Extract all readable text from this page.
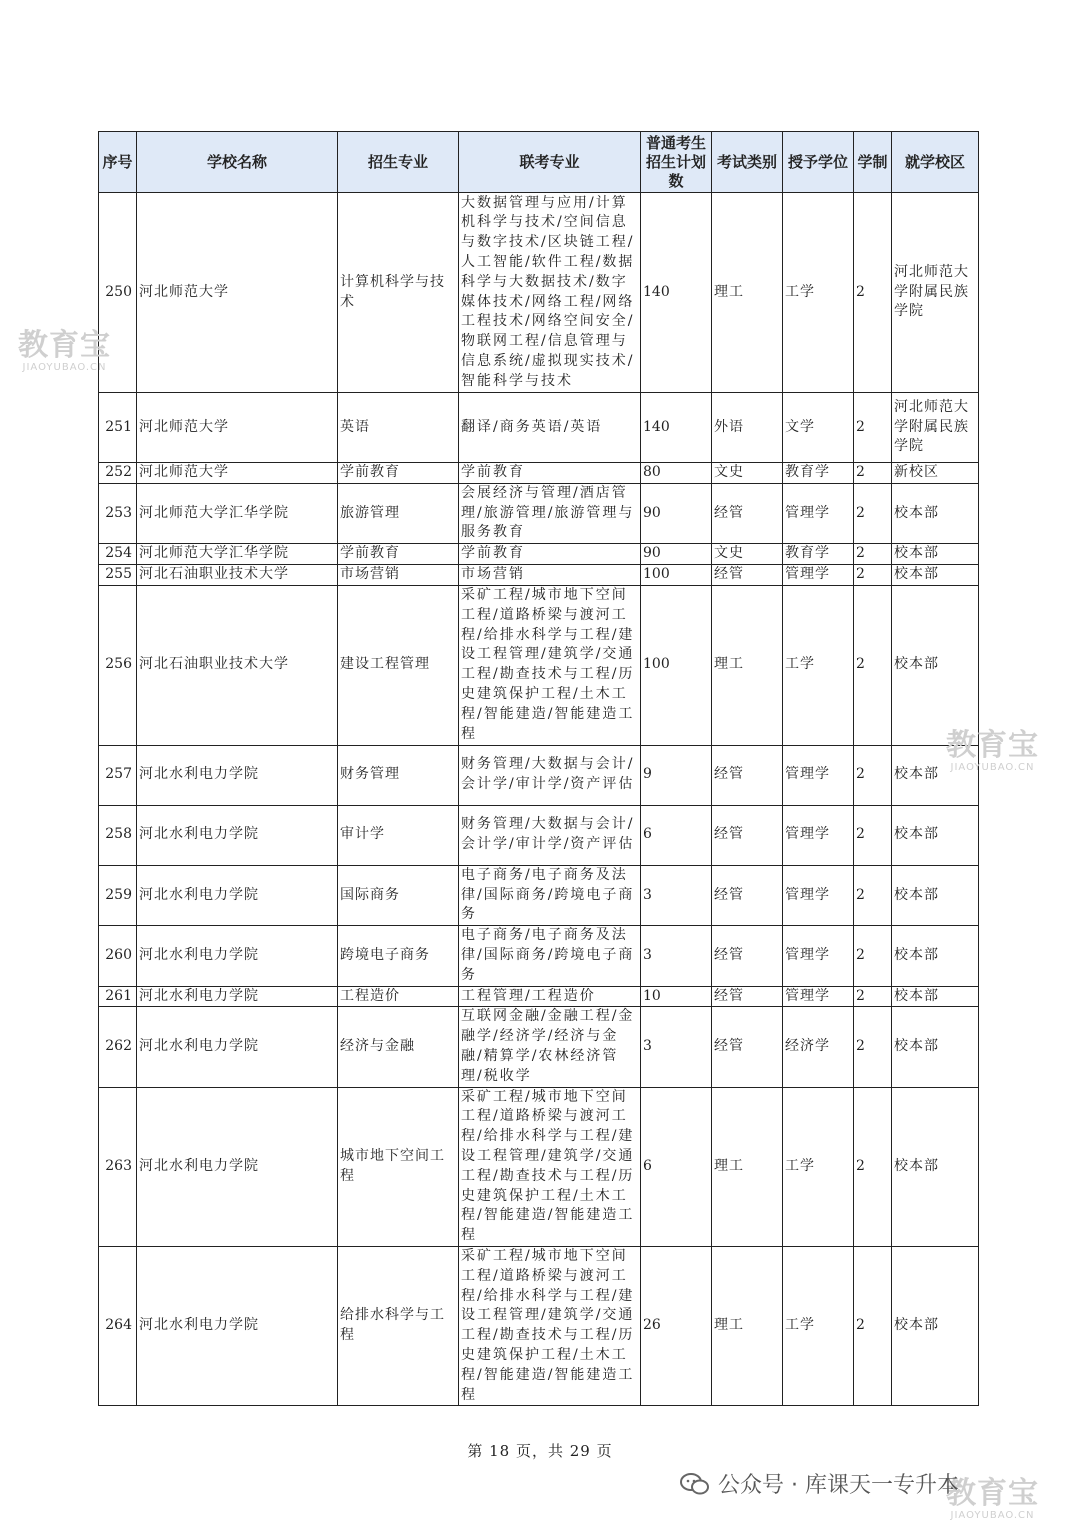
序号	学校名称	招生专业	联考专业	普通考生招生计划数	考试类别	授予学位	学制	就学校区
250	河北师范大学	计算机科学与技术	大数据管理与应用/计算机科学与技术/空间信息与数字技术/区块链工程/人工智能/软件工程/数据科学与大数据技术/数字媒体技术/网络工程/网络工程技术/网络空间安全/物联网工程/信息管理与信息系统/虚拟现实技术/智能科学与技术	140	理工	工学	2	河北师范大学附属民族学院
251	河北师范大学	英语	翻译/商务英语/英语	140	外语	文学	2	河北师范大学附属民族学院
252	河北师范大学	学前教育	学前教育	80	文史	教育学	2	新校区
253	河北师范大学汇华学院	旅游管理	会展经济与管理/酒店管理/旅游管理/旅游管理与服务教育	90	经管	管理学	2	校本部
254	河北师范大学汇华学院	学前教育	学前教育	90	文史	教育学	2	校本部
255	河北石油职业技术大学	市场营销	市场营销	100	经管	管理学	2	校本部
256	河北石油职业技术大学	建设工程管理	采矿工程/城市地下空间工程/道路桥梁与渡河工程/给排水科学与工程/建设工程管理/建筑学/交通工程/勘查技术与工程/历史建筑保护工程/土木工程/智能建造/智能建造工程	100	理工	工学	2	校本部
257	河北水利电力学院	财务管理	财务管理/大数据与会计/会计学/审计学/资产评估	9	经管	管理学	2	校本部
258	河北水利电力学院	审计学	财务管理/大数据与会计/会计学/审计学/资产评估	6	经管	管理学	2	校本部
259	河北水利电力学院	国际商务	电子商务/电子商务及法律/国际商务/跨境电子商务	3	经管	管理学	2	校本部
260	河北水利电力学院	跨境电子商务	电子商务/电子商务及法律/国际商务/跨境电子商务	3	经管	管理学	2	校本部
261	河北水利电力学院	工程造价	工程管理/工程造价	10	经管	管理学	2	校本部
262	河北水利电力学院	经济与金融	互联网金融/金融工程/金融学/经济学/经济与金融/精算学/农林经济管理/税收学	3	经管	经济学	2	校本部
263	河北水利电力学院	城市地下空间工程	采矿工程/城市地下空间工程/道路桥梁与渡河工程/给排水科学与工程/建设工程管理/建筑学/交通工程/勘查技术与工程/历史建筑保护工程/土木工程/智能建造/智能建造工程	6	理工	工学	2	校本部
264	河北水利电力学院	给排水科学与工程	采矿工程/城市地下空间工程/道路桥梁与渡河工程/给排水科学与工程/建设工程管理/建筑学/交通工程/勘查技术与工程/历史建筑保护工程/土木工程/智能建造/智能建造工程	26	理工	工学	2	校本部
教育宝
JIAOYUBAO.CN
教育宝
JIAOYUBAO.CN
教育宝
JIAOYUBAO.CN
第 18 页，共 29 页
公众号 · 库课天一专升本
